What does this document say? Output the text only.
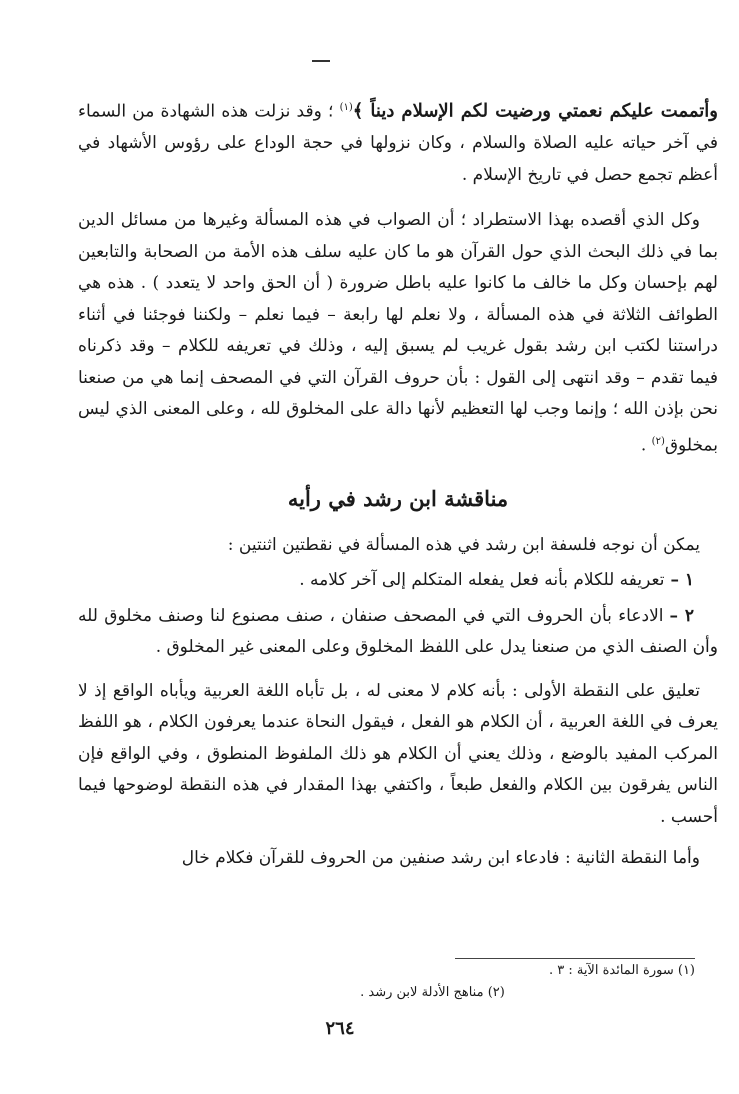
وأتممت عليكم نعمتي ورضيت لكم الإسلام ديناً ﴾$^{(١)}$ ؛ وقد نزلت هذه الشهادة من السماء في آخر حياته عليه الصلاة والسلام ، وكان نزولها في حجة الوداع على رؤوس الأشهاد في أعظم تجمع حصل في تاريخ الإسلام .

وكل الذي أقصده بهذا الاستطراد ؛ أن الصواب في هذه المسألة وغيرها من مسائل الدين بما في ذلك البحث الذي حول القرآن هو ما كان عليه سلف هذه الأمة من الصحابة والتابعين لهم بإحسان وكل ما خالف ما كانوا عليه باطل ضرورة ( أن الحق واحد لا يتعدد ) . هذه هي الطوائف الثلاثة في هذه المسألة ، ولا نعلم لها رابعة – فيما نعلم – ولكننا فوجئنا في أثناء دراستنا لكتب ابن رشد بقول غريب لم يسبق إليه ، وذلك في تعريفه للكلام – وقد ذكرناه فيما تقدم – وقد انتهى إلى القول : بأن حروف القرآن التي في المصحف إنما هي من صنعنا نحن بإذن الله ؛ وإنما وجب لها التعظيم لأنها دالة على المخلوق لله ، وعلى المعنى الذي ليس بمخلوق$^{(٢)}$ .

مناقشة ابن رشد في رأيه

يمكن أن نوجه فلسفة ابن رشد في هذه المسألة في نقطتين اثنتين :

١ –تعريفه للكلام بأنه فعل يفعله المتكلم إلى آخر كلامه .

٢ –الادعاء بأن الحروف التي في المصحف صنفان ، صنف مصنوع لنا وصنف مخلوق لله وأن الصنف الذي من صنعنا يدل على اللفظ المخلوق وعلى المعنى غير المخلوق .

تعليق على النقطة الأولى : بأنه كلام لا معنى له ، بل تأباه اللغة العربية ويأباه الواقع إذ لا يعرف في اللغة العربية ، أن الكلام هو الفعل ، فيقول النحاة عندما يعرفون الكلام ، هو اللفظ المركب المفيد بالوضع ، وذلك يعني أن الكلام هو ذلك الملفوظ المنطوق ، وفي الواقع فإن الناس يفرقون بين الكلام والفعل طبعاً ، واكتفي بهذا المقدار في هذه النقطة لوضوحها فيما أحسب .

وأما النقطة الثانية : فادعاء ابن رشد صنفين من الحروف للقرآن فكلام خال

(١) سورة المائدة الآية : ٣ .

(٢) مناهج الأدلة لابن رشد .

٢٦٤
